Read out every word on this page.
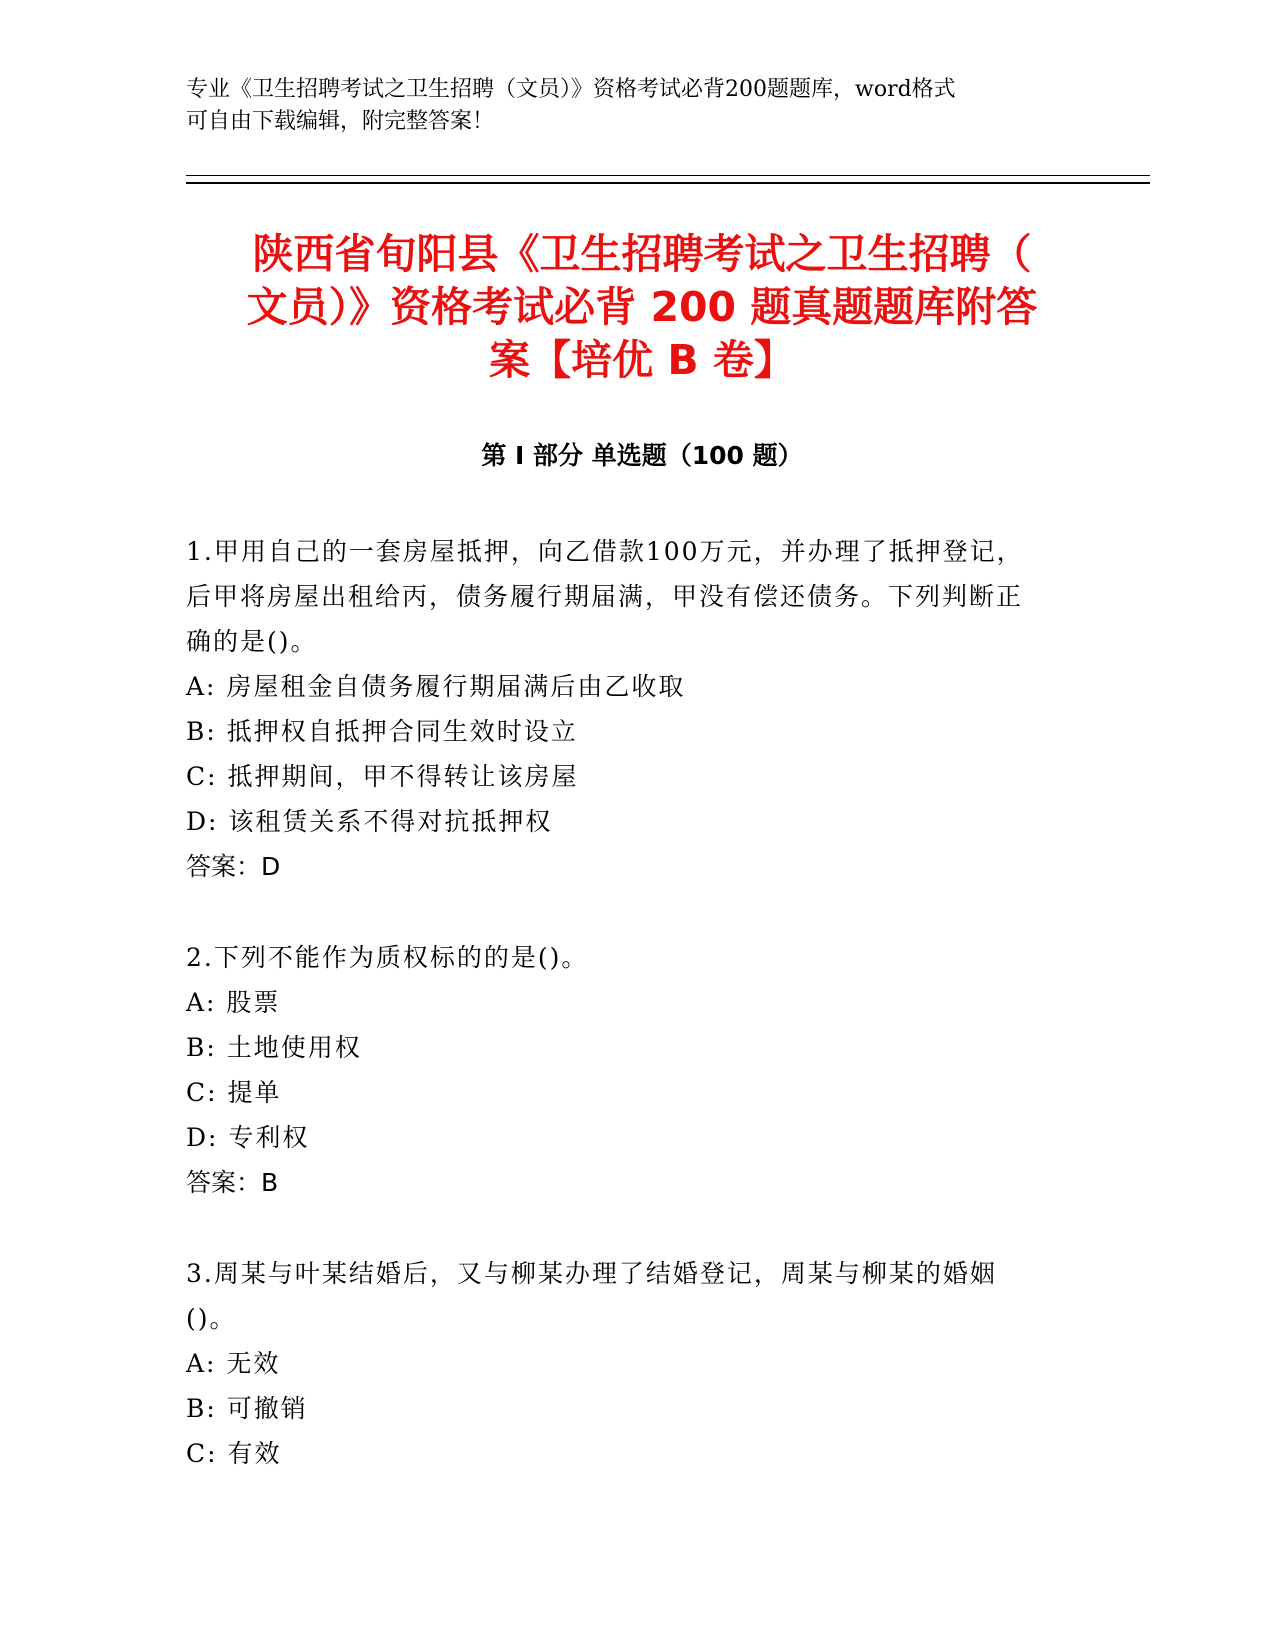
专业《卫生招聘考试之卫生招聘（文员）》资格考试必背200题题库，word格式
可自由下载编辑，附完整答案！
陕西省旬阳县《卫生招聘考试之卫生招聘（
文员）》资格考试必背 200 题真题题库附答
案【培优 B 卷】
第 I 部分 单选题（100 题）

1.甲用自己的一套房屋抵押，向乙借款100万元，并办理了抵押登记，后甲将房屋出租给丙，债务履行期届满，甲没有偿还债务。下列判断正确的是()。

A: 房屋租金自债务履行期届满后由乙收取

B: 抵押权自抵押合同生效时设立

C: 抵押期间，甲不得转让该房屋

D: 该租赁关系不得对抗抵押权

答案：D

2.下列不能作为质权标的的是()。

A: 股票

B: 土地使用权

C: 提单

D: 专利权

答案：B

3.周某与叶某结婚后，又与柳某办理了结婚登记，周某与柳某的婚姻()。

A: 无效

B: 可撤销

C: 有效
